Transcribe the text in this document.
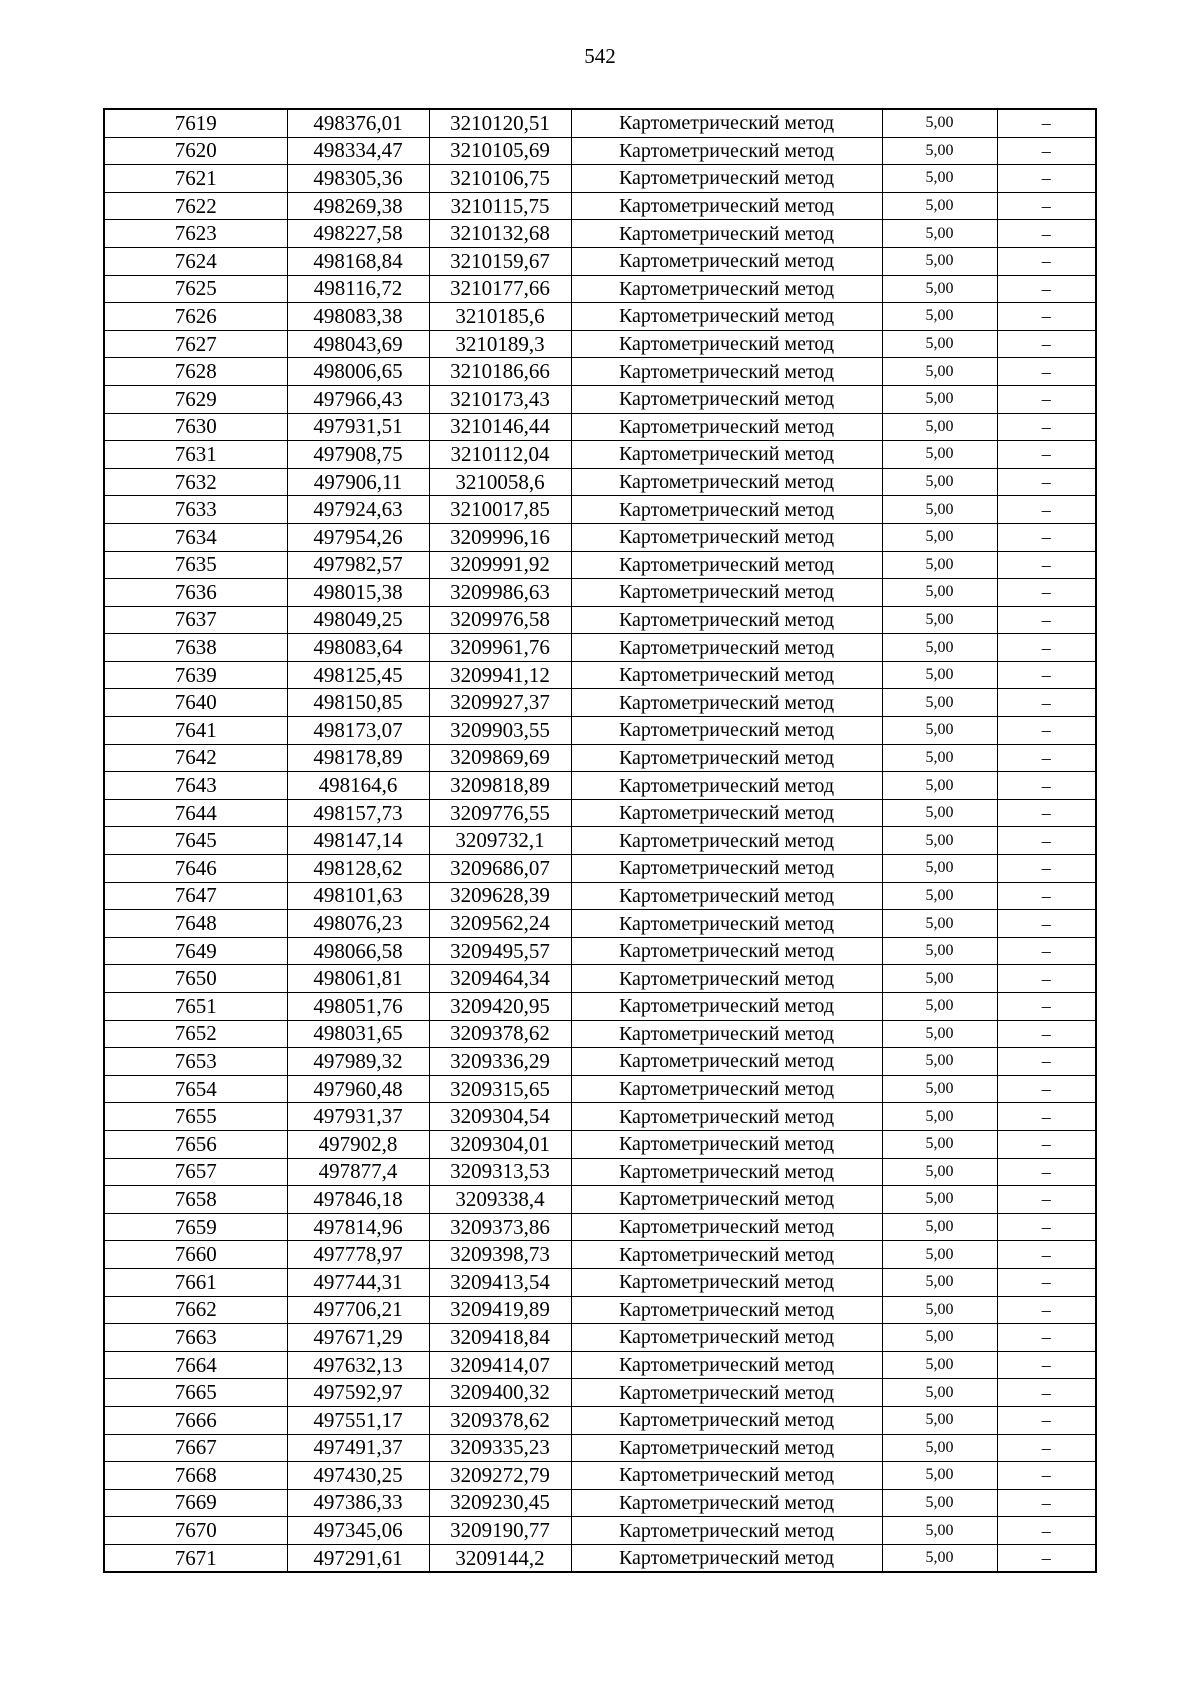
542
7619	498376,01	3210120,51	Картометрический метод	5,00	–
7620	498334,47	3210105,69	Картометрический метод	5,00	–
7621	498305,36	3210106,75	Картометрический метод	5,00	–
7622	498269,38	3210115,75	Картометрический метод	5,00	–
7623	498227,58	3210132,68	Картометрический метод	5,00	–
7624	498168,84	3210159,67	Картометрический метод	5,00	–
7625	498116,72	3210177,66	Картометрический метод	5,00	–
7626	498083,38	3210185,6	Картометрический метод	5,00	–
7627	498043,69	3210189,3	Картометрический метод	5,00	–
7628	498006,65	3210186,66	Картометрический метод	5,00	–
7629	497966,43	3210173,43	Картометрический метод	5,00	–
7630	497931,51	3210146,44	Картометрический метод	5,00	–
7631	497908,75	3210112,04	Картометрический метод	5,00	–
7632	497906,11	3210058,6	Картометрический метод	5,00	–
7633	497924,63	3210017,85	Картометрический метод	5,00	–
7634	497954,26	3209996,16	Картометрический метод	5,00	–
7635	497982,57	3209991,92	Картометрический метод	5,00	–
7636	498015,38	3209986,63	Картометрический метод	5,00	–
7637	498049,25	3209976,58	Картометрический метод	5,00	–
7638	498083,64	3209961,76	Картометрический метод	5,00	–
7639	498125,45	3209941,12	Картометрический метод	5,00	–
7640	498150,85	3209927,37	Картометрический метод	5,00	–
7641	498173,07	3209903,55	Картометрический метод	5,00	–
7642	498178,89	3209869,69	Картометрический метод	5,00	–
7643	498164,6	3209818,89	Картометрический метод	5,00	–
7644	498157,73	3209776,55	Картометрический метод	5,00	–
7645	498147,14	3209732,1	Картометрический метод	5,00	–
7646	498128,62	3209686,07	Картометрический метод	5,00	–
7647	498101,63	3209628,39	Картометрический метод	5,00	–
7648	498076,23	3209562,24	Картометрический метод	5,00	–
7649	498066,58	3209495,57	Картометрический метод	5,00	–
7650	498061,81	3209464,34	Картометрический метод	5,00	–
7651	498051,76	3209420,95	Картометрический метод	5,00	–
7652	498031,65	3209378,62	Картометрический метод	5,00	–
7653	497989,32	3209336,29	Картометрический метод	5,00	–
7654	497960,48	3209315,65	Картометрический метод	5,00	–
7655	497931,37	3209304,54	Картометрический метод	5,00	–
7656	497902,8	3209304,01	Картометрический метод	5,00	–
7657	497877,4	3209313,53	Картометрический метод	5,00	–
7658	497846,18	3209338,4	Картометрический метод	5,00	–
7659	497814,96	3209373,86	Картометрический метод	5,00	–
7660	497778,97	3209398,73	Картометрический метод	5,00	–
7661	497744,31	3209413,54	Картометрический метод	5,00	–
7662	497706,21	3209419,89	Картометрический метод	5,00	–
7663	497671,29	3209418,84	Картометрический метод	5,00	–
7664	497632,13	3209414,07	Картометрический метод	5,00	–
7665	497592,97	3209400,32	Картометрический метод	5,00	–
7666	497551,17	3209378,62	Картометрический метод	5,00	–
7667	497491,37	3209335,23	Картометрический метод	5,00	–
7668	497430,25	3209272,79	Картометрический метод	5,00	–
7669	497386,33	3209230,45	Картометрический метод	5,00	–
7670	497345,06	3209190,77	Картометрический метод	5,00	–
7671	497291,61	3209144,2	Картометрический метод	5,00	–
